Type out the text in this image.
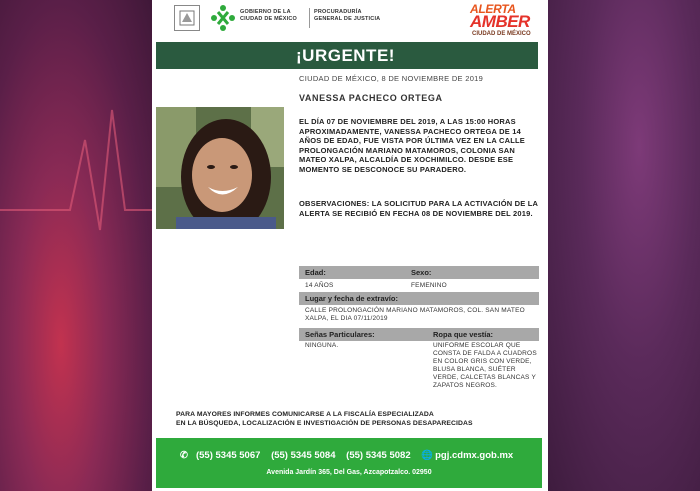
GOBIERNO DE LA
CIUDAD DE MÉXICO
PROCURADURÍA
GENERAL DE JUSTICIA
ALERTA
AMBER
CIUDAD DE MÉXICO
¡URGENTE!
CIUDAD DE MÉXICO, 8 DE NOVIEMBRE DE 2019
VANESSA PACHECO ORTEGA
EL DÍA 07 DE NOVIEMBRE DEL 2019, A LAS 15:00 HORAS APROXIMADAMENTE, VANESSA PACHECO ORTEGA DE 14 AÑOS DE EDAD, FUE VISTA POR ÚLTIMA VEZ EN LA CALLE PROLONGACIÓN MARIANO MATAMOROS, COLONIA SAN MATEO XALPA, ALCALDÍA DE XOCHIMILCO. DESDE ESE MOMENTO SE DESCONOCE SU PARADERO.
OBSERVACIONES: LA SOLICITUD PARA LA ACTIVACIÓN DE LA ALERTA SE RECIBIÓ EN FECHA 08 DE NOVIEMBRE DEL 2019.
Edad:	Sexo:
14 AÑOS	FEMENINO
Lugar y fecha de extravío:
CALLE PROLONGACIÓN MARIANO MATAMOROS, COL. SAN MATEO XALPA, EL DIA 07/11/2019
Señas Particulares:	Ropa que vestía:
NINGUNA.	UNIFORME ESCOLAR QUE CONSTA DE FALDA A CUADROS EN COLOR GRIS CON VERDE, BLUSA BLANCA, SUÉTER VERDE, CALCETAS BLANCAS Y ZAPATOS NEGROS.
PARA MAYORES INFORMES COMUNICARSE A LA FISCALÍA ESPECIALIZADA
EN LA BÚSQUEDA, LOCALIZACIÓN E INVESTIGACIÓN DE PERSONAS DESAPARECIDAS
✆ (55) 5345 5067 (55) 5345 5084 (55) 5345 5082 🌐 pgj.cdmx.gob.mx
Avenida Jardín 365, Del Gas, Azcapotzalco. 02950
